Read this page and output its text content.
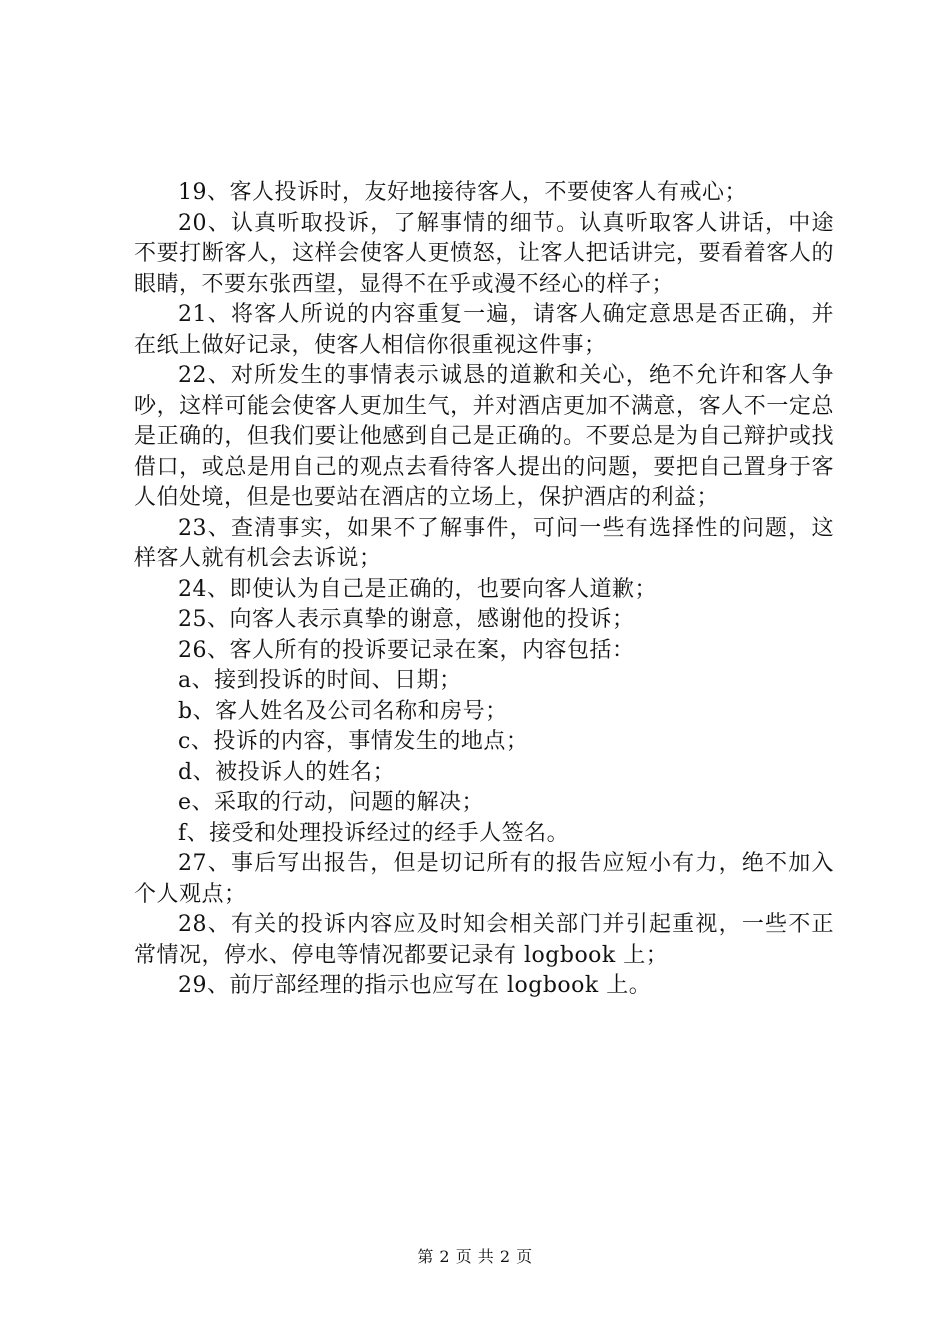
19、客人投诉时，友好地接待客人，不要使客人有戒心；

20、认真听取投诉，了解事情的细节。认真听取客人讲话，中途不要打断客人，这样会使客人更愤怒，让客人把话讲完，要看着客人的眼睛，不要东张西望，显得不在乎或漫不经心的样子；

21、将客人所说的内容重复一遍，请客人确定意思是否正确，并在纸上做好记录，使客人相信你很重视这件事；

22、对所发生的事情表示诚恳的道歉和关心，绝不允许和客人争吵，这样可能会使客人更加生气，并对酒店更加不满意，客人不一定总是正确的，但我们要让他感到自己是正确的。不要总是为自己辩护或找借口，或总是用自己的观点去看待客人提出的问题，要把自己置身于客人伯处境，但是也要站在酒店的立场上，保护酒店的利益；

23、查清事实，如果不了解事件，可问一些有选择性的问题，这样客人就有机会去诉说；

24、即使认为自己是正确的，也要向客人道歉；

25、向客人表示真挚的谢意，感谢他的投诉；

26、客人所有的投诉要记录在案，内容包括：

a、接到投诉的时间、日期；

b、客人姓名及公司名称和房号；

c、投诉的内容，事情发生的地点；

d、被投诉人的姓名；

e、采取的行动，问题的解决；

f、接受和处理投诉经过的经手人签名。

27、事后写出报告，但是切记所有的报告应短小有力，绝不加入个人观点；

28、有关的投诉内容应及时知会相关部门并引起重视，一些不正常情况，停水、停电等情况都要记录有 logbook 上；

29、前厅部经理的指示也应写在 logbook 上。

第 2 页 共 2 页
